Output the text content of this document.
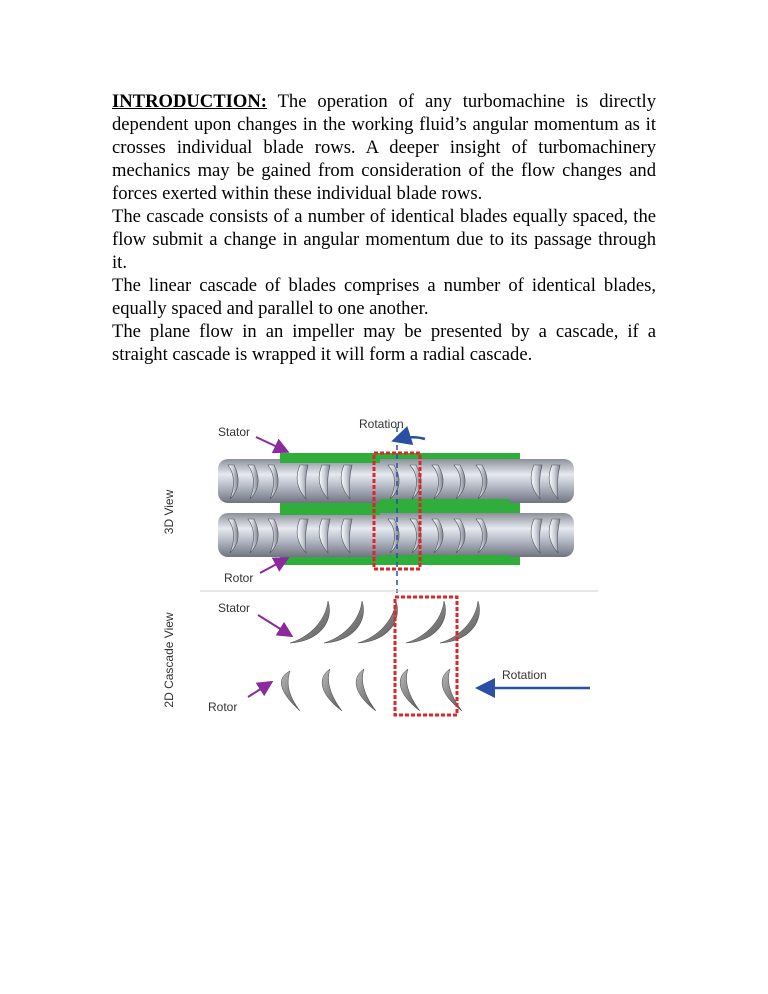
INTRODUCTION: The operation of any turbomachine is directly dependent upon changes in the working fluid’s angular momentum as it crosses individual blade rows. A deeper insight of turbomachinery mechanics may be gained from consideration of the flow changes and forces exerted within these individual blade rows.

The cascade consists of a number of identical blades equally spaced, the flow submit a change in angular momentum due to its passage through it.

The linear cascade of blades comprises a number of identical blades, equally spaced and parallel to one another.

The plane flow in an impeller may be presented by a cascade, if a straight cascade is wrapped it will form a radial cascade.

3D View
Rotation
Stator
Rotor
2D Cascade View
Stator
Rotor
Rotation
